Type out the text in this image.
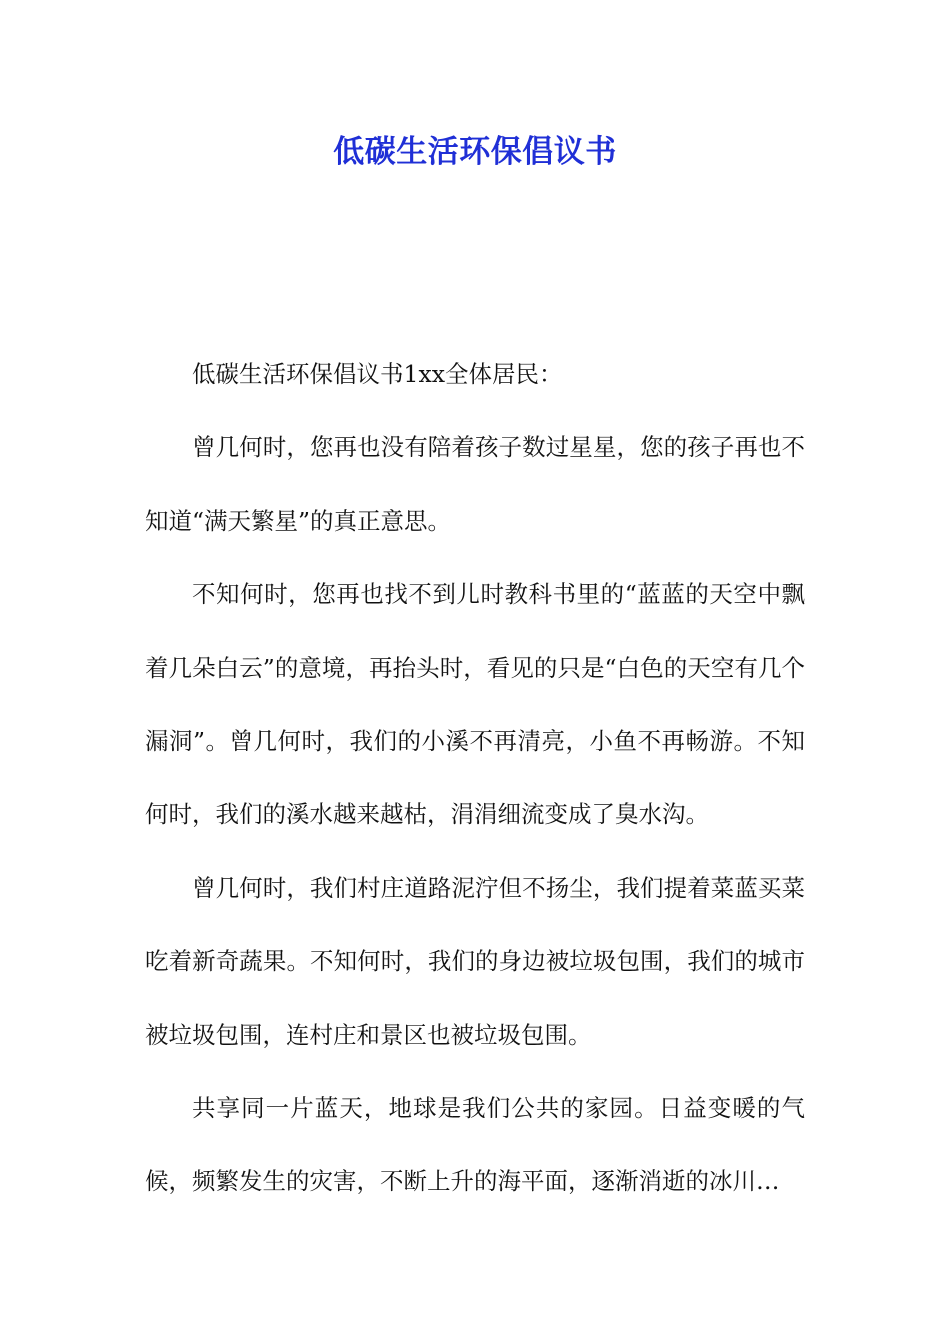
低碳生活环保倡议书

低碳生活环保倡议书1xx全体居民：

曾几何时，您再也没有陪着孩子数过星星，您的孩子再也不知道“满天繁星”的真正意思。

不知何时，您再也找不到儿时教科书里的“蓝蓝的天空中飘着几朵白云”的意境，再抬头时，看见的只是“白色的天空有几个漏洞”。曾几何时，我们的小溪不再清亮，小鱼不再畅游。不知何时，我们的溪水越来越枯，涓涓细流变成了臭水沟。

曾几何时，我们村庄道路泥泞但不扬尘，我们提着菜蓝买菜吃着新奇蔬果。不知何时，我们的身边被垃圾包围，我们的城市被垃圾包围，连村庄和景区也被垃圾包围。

共享同一片蓝天，地球是我们公共的家园。日益变暖的气候，频繁发生的灾害，不断上升的海平面，逐渐消逝的冰川…
